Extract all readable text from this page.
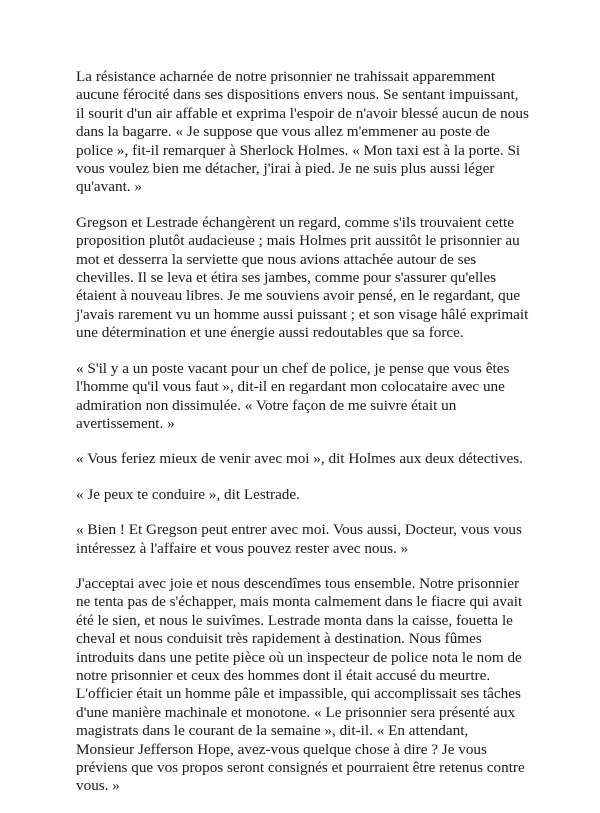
La résistance acharnée de notre prisonnier ne trahissait apparemment aucune férocité dans ses dispositions envers nous. Se sentant impuissant, il sourit d'un air affable et exprima l'espoir de n'avoir blessé aucun de nous dans la bagarre. « Je suppose que vous allez m'emmener au poste de police », fit-il remarquer à Sherlock Holmes. « Mon taxi est à la porte. Si vous voulez bien me détacher, j'irai à pied. Je ne suis plus aussi léger qu'avant. »

Gregson et Lestrade échangèrent un regard, comme s'ils trouvaient cette proposition plutôt audacieuse ; mais Holmes prit aussitôt le prisonnier au mot et desserra la serviette que nous avions attachée autour de ses chevilles. Il se leva et étira ses jambes, comme pour s'assurer qu'elles étaient à nouveau libres. Je me souviens avoir pensé, en le regardant, que j'avais rarement vu un homme aussi puissant ; et son visage hâlé exprimait une détermination et une énergie aussi redoutables que sa force.

« S'il y a un poste vacant pour un chef de police, je pense que vous êtes l'homme qu'il vous faut », dit-il en regardant mon colocataire avec une admiration non dissimulée. « Votre façon de me suivre était un avertissement. »

« Vous feriez mieux de venir avec moi », dit Holmes aux deux détectives.

« Je peux te conduire », dit Lestrade.

« Bien ! Et Gregson peut entrer avec moi. Vous aussi, Docteur, vous vous intéressez à l'affaire et vous pouvez rester avec nous. »

J'acceptai avec joie et nous descendîmes tous ensemble. Notre prisonnier ne tenta pas de s'échapper, mais monta calmement dans le fiacre qui avait été le sien, et nous le suivîmes. Lestrade monta dans la caisse, fouetta le cheval et nous conduisit très rapidement à destination. Nous fûmes introduits dans une petite pièce où un inspecteur de police nota le nom de notre prisonnier et ceux des hommes dont il était accusé du meurtre. L'officier était un homme pâle et impassible, qui accomplissait ses tâches d'une manière machinale et monotone. « Le prisonnier sera présenté aux magistrats dans le courant de la semaine », dit-il. « En attendant, Monsieur Jefferson Hope, avez-vous quelque chose à dire ? Je vous préviens que vos propos seront consignés et pourraient être retenus contre vous. »
